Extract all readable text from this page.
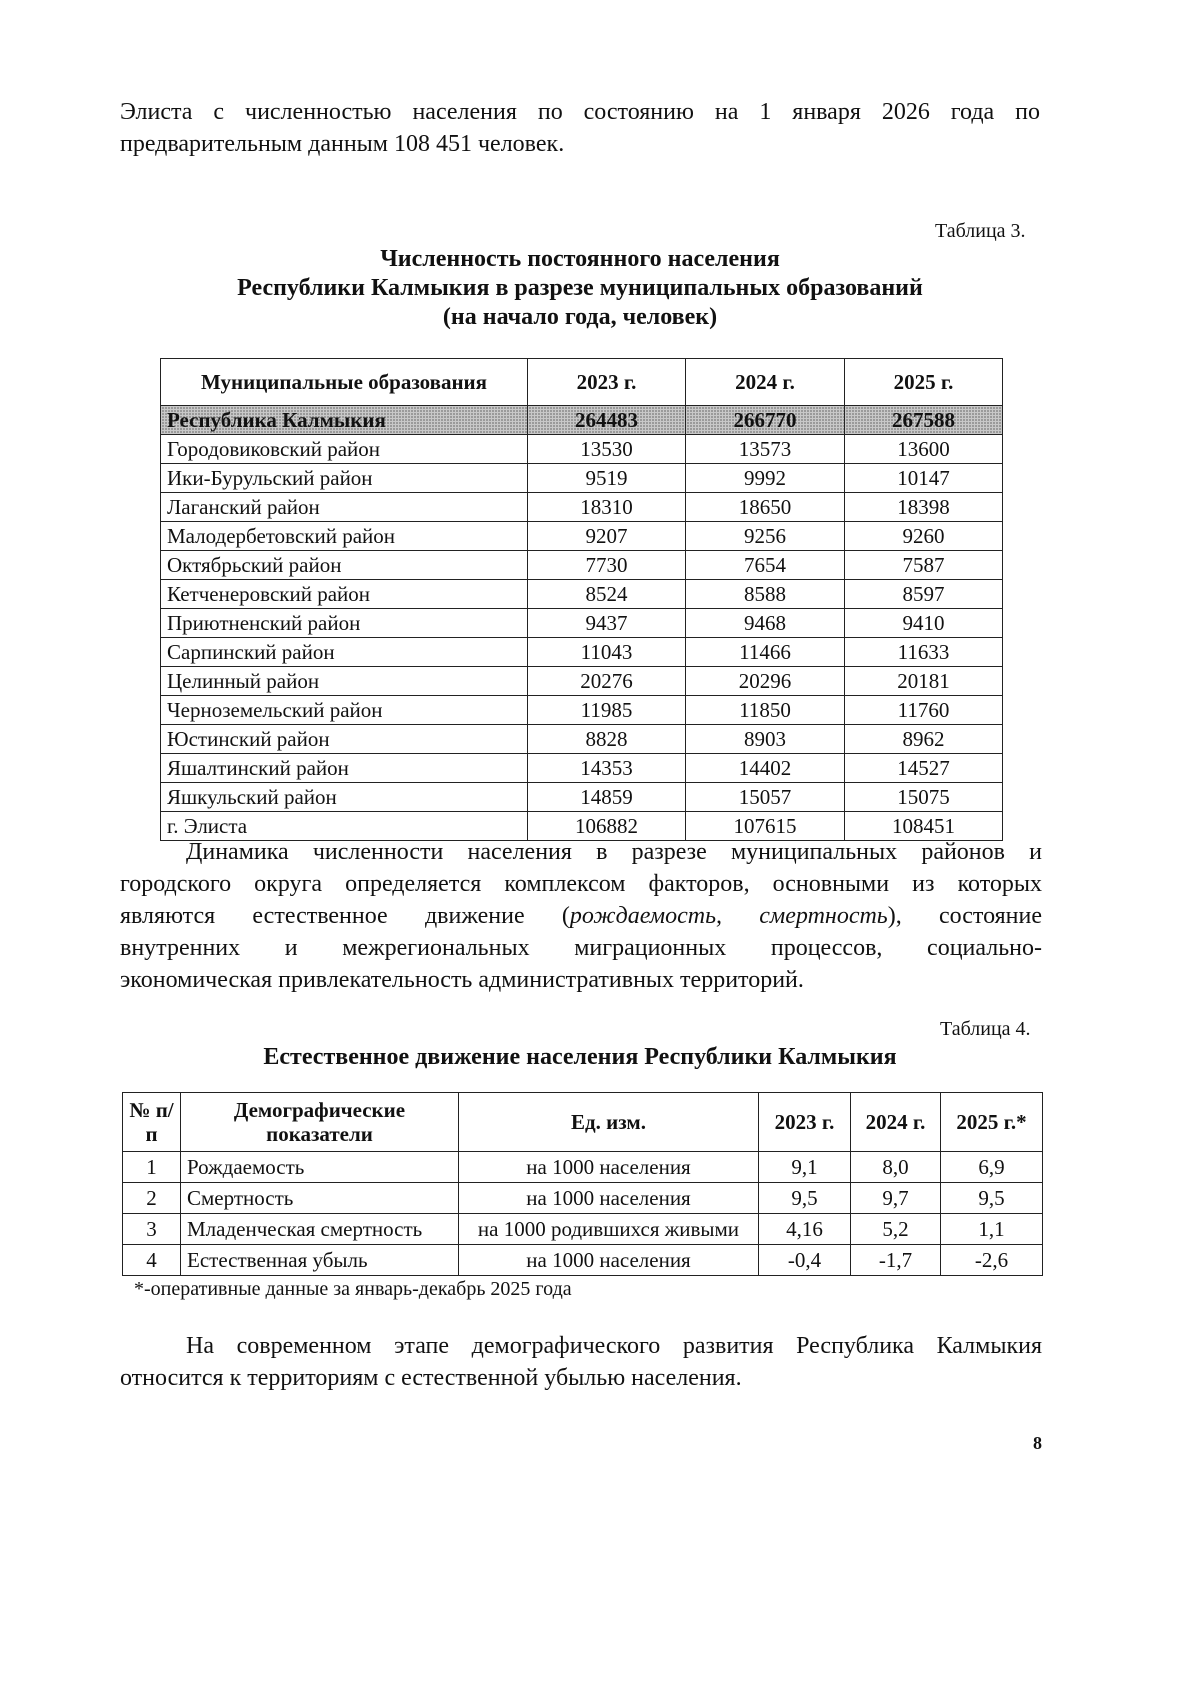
Элиста с численностью населения по состоянию на 1 января 2026 года по предварительным данным 108 451 человек.
Таблица 3.
Численность постоянного населения
Республики Калмыкия в разрезе муниципальных образований
(на начало года, человек)
Муниципальные образования	2023 г.	2024 г.	2025 г.
Республика Калмыкия	264483	266770	267588
Городовиковский район	13530	13573	13600
Ики-Бурульский район	9519	9992	10147
Лаганский район	18310	18650	18398
Малодербетовский район	9207	9256	9260
Октябрьский район	7730	7654	7587
Кетченеровский район	8524	8588	8597
Приютненский район	9437	9468	9410
Сарпинский район	11043	11466	11633
Целинный район	20276	20296	20181
Черноземельский район	11985	11850	11760
Юстинский район	8828	8903	8962
Яшалтинский район	14353	14402	14527
Яшкульский район	14859	15057	15075
г. Элиста	106882	107615	108451
Динамика численности населения в разрезе муниципальных районов и
городского округа определяется комплексом факторов, основными из которых
являются естественное движение (рождаемость, смертность), состояние
внутренних и межрегиональных миграционных процессов, социально-
экономическая привлекательность административных территорий.
Таблица 4.
Естественное движение населения Республики Калмыкия
№ п/п	Демографические показатели	Ед. изм.	2023 г.	2024 г.	2025 г.*
1	Рождаемость	на 1000 населения	9,1	8,0	6,9
2	Смертность	на 1000 населения	9,5	9,7	9,5
3	Младенческая смертность	на 1000 родившихся живыми	4,16	5,2	1,1
4	Естественная убыль	на 1000 населения	-0,4	-1,7	-2,6
*-оперативные данные за январь-декабрь 2025 года
На современном этапе демографического развития Республика Калмыкия относится к территориям с естественной убылью населения.
8
